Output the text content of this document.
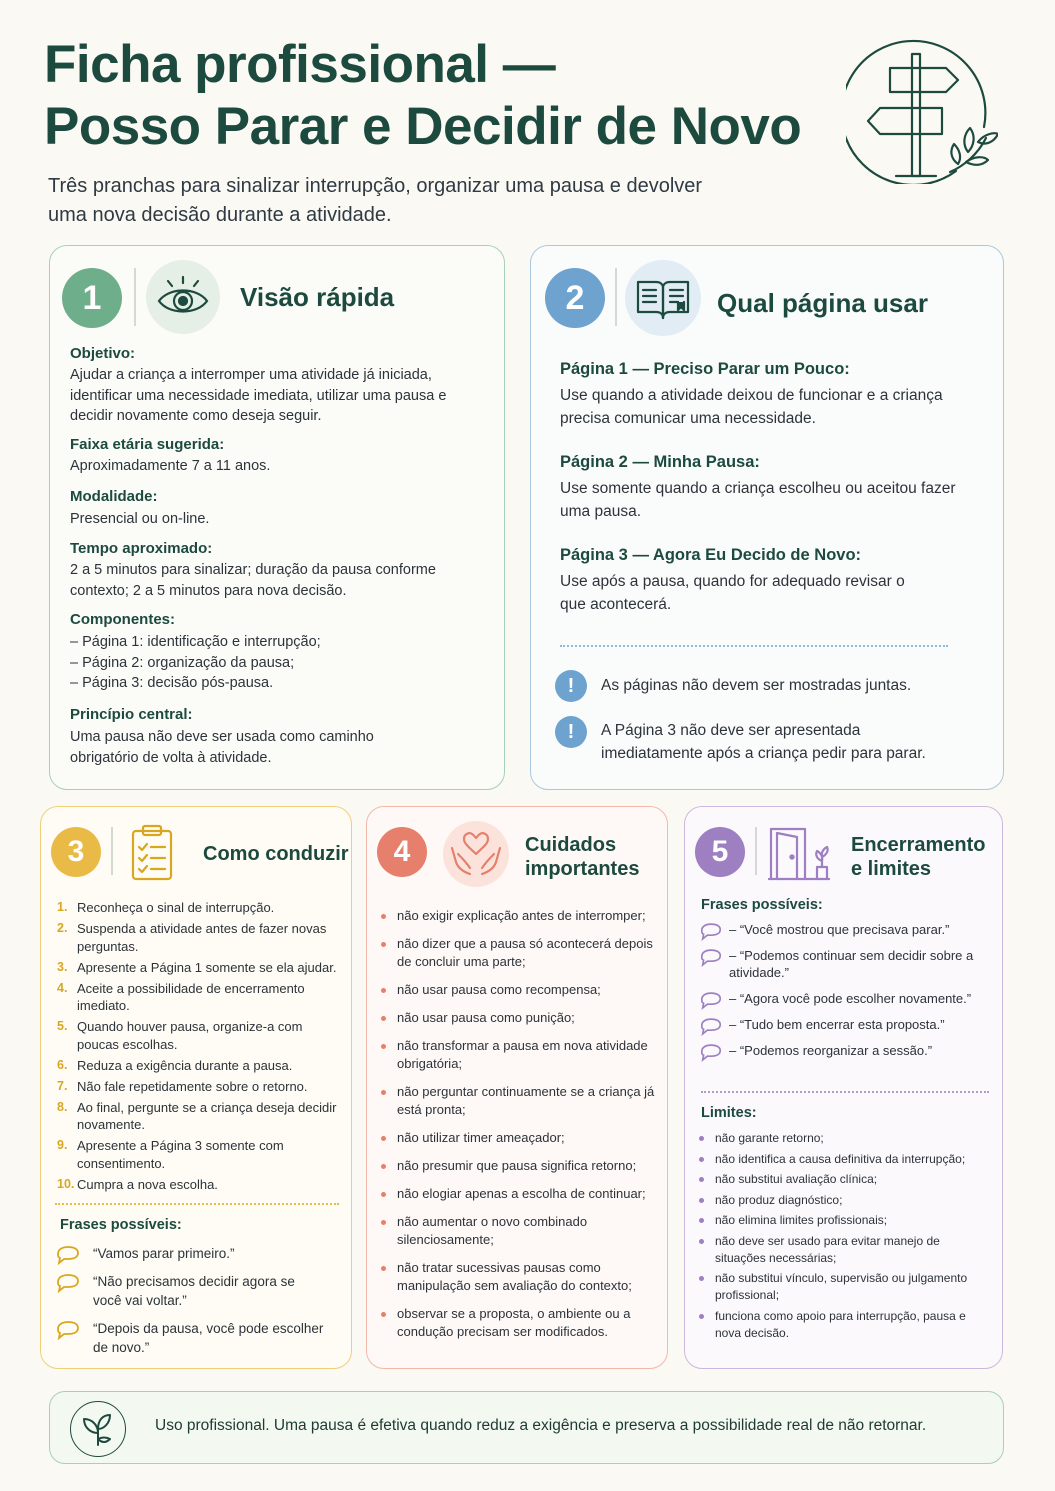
Ficha profissional —
Posso Parar e Decidir de Novo
Três pranchas para sinalizar interrupção, organizar uma pausa e devolver uma nova decisão durante a atividade.
1	Visão rápida
Objetivo:
Ajudar a criança a interromper uma atividade já iniciada, identificar uma necessidade imediata, utilizar uma pausa e decidir novamente como deseja seguir.
Faixa etária sugerida:
Aproximadamente 7 a 11 anos.
Modalidade:
Presencial ou on-line.
Tempo aproximado:
2 a 5 minutos para sinalizar; duração da pausa conforme contexto; 2 a 5 minutos para nova decisão.
Componentes:
– Página 1: identificação e interrupção;
– Página 2: organização da pausa;
– Página 3: decisão pós-pausa.
Princípio central:
Uma pausa não deve ser usada como caminho obrigatório de volta à atividade.
2	Qual página usar
Página 1 — Preciso Parar um Pouco:
Use quando a atividade deixou de funcionar e a criança precisa comunicar uma necessidade.
Página 2 — Minha Pausa:
Use somente quando a criança escolheu ou aceitou fazer uma pausa.
Página 3 — Agora Eu Decido de Novo:
Use após a pausa, quando for adequado revisar o que acontecerá.
!	As páginas não devem ser mostradas juntas.
!	A Página 3 não deve ser apresentada imediatamente após a criança pedir para parar.
3	Como conduzir
1. Reconheça o sinal de interrupção.
2. Suspenda a atividade antes de fazer novas perguntas.
3. Apresente a Página 1 somente se ela ajudar.
4. Aceite a possibilidade de encerramento imediato.
5. Quando houver pausa, organize-a com poucas escolhas.
6. Reduza a exigência durante a pausa.
7. Não fale repetidamente sobre o retorno.
8. Ao final, pergunte se a criança deseja decidir novamente.
9. Apresente a Página 3 somente com consentimento.
10. Cumpra a nova escolha.
Frases possíveis:
“Vamos parar primeiro.”
“Não precisamos decidir agora se você vai voltar.”
“Depois da pausa, você pode escolher de novo.”
4	Cuidados
importantes
não exigir explicação antes de interromper;
não dizer que a pausa só acontecerá depois de concluir uma parte;
não usar pausa como recompensa;
não usar pausa como punição;
não transformar a pausa em nova atividade obrigatória;
não perguntar continuamente se a criança já está pronta;
não utilizar timer ameaçador;
não presumir que pausa significa retorno;
não elogiar apenas a escolha de continuar;
não aumentar o novo combinado silenciosamente;
não tratar sucessivas pausas como manipulação sem avaliação do contexto;
observar se a proposta, o ambiente ou a condução precisam ser modificados.
5	Encerramento
e limites
Frases possíveis:
– “Você mostrou que precisava parar.”
– “Podemos continuar sem decidir sobre a atividade.”
– “Agora você pode escolher novamente.”
– “Tudo bem encerrar esta proposta.”
– “Podemos reorganizar a sessão.”
Limites:
não garante retorno;
não identifica a causa definitiva da interrupção;
não substitui avaliação clínica;
não produz diagnóstico;
não elimina limites profissionais;
não deve ser usado para evitar manejo de situações necessárias;
não substitui vínculo, supervisão ou julgamento profissional;
funciona como apoio para interrupção, pausa e nova decisão.
Uso profissional. Uma pausa é efetiva quando reduz a exigência e preserva a possibilidade real de não retornar.
